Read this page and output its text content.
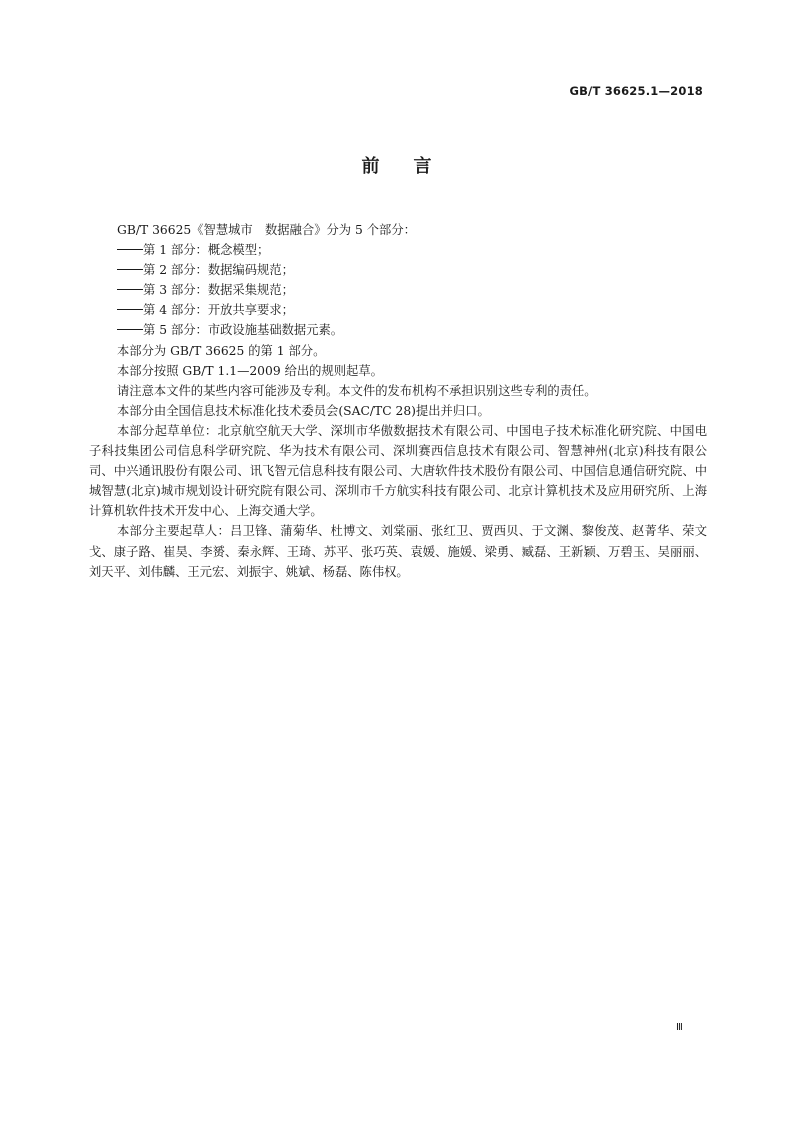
GB/T 36625.1—2018
前言

GB/T 36625《智慧城市　数据融合》分为 5 个部分：

第 1 部分：概念模型；

第 2 部分：数据编码规范；

第 3 部分：数据采集规范；

第 4 部分：开放共享要求；

第 5 部分：市政设施基础数据元素。

本部分为 GB/T 36625 的第 1 部分。

本部分按照 GB/T 1.1—2009 给出的规则起草。

请注意本文件的某些内容可能涉及专利。本文件的发布机构不承担识别这些专利的责任。

本部分由全国信息技术标准化技术委员会(SAC/TC 28)提出并归口。

本部分起草单位：北京航空航天大学、深圳市华傲数据技术有限公司、中国电子技术标准化研究院、中国电子科技集团公司信息科学研究院、华为技术有限公司、深圳赛西信息技术有限公司、智慧神州(北京)科技有限公司、中兴通讯股份有限公司、讯飞智元信息科技有限公司、大唐软件技术股份有限公司、中国信息通信研究院、中城智慧(北京)城市规划设计研究院有限公司、深圳市千方航实科技有限公司、北京计算机技术及应用研究所、上海计算机软件技术开发中心、上海交通大学。

本部分主要起草人：吕卫锋、蒲菊华、杜博文、刘棠丽、张红卫、贾西贝、于文渊、黎俊茂、赵菁华、荣文戈、康子路、崔昊、李赟、秦永辉、王琦、苏平、张巧英、袁媛、施媛、梁勇、臧磊、王新颖、万碧玉、吴丽丽、刘天平、刘伟麟、王元宏、刘振宇、姚斌、杨磊、陈伟权。

Ⅲ
